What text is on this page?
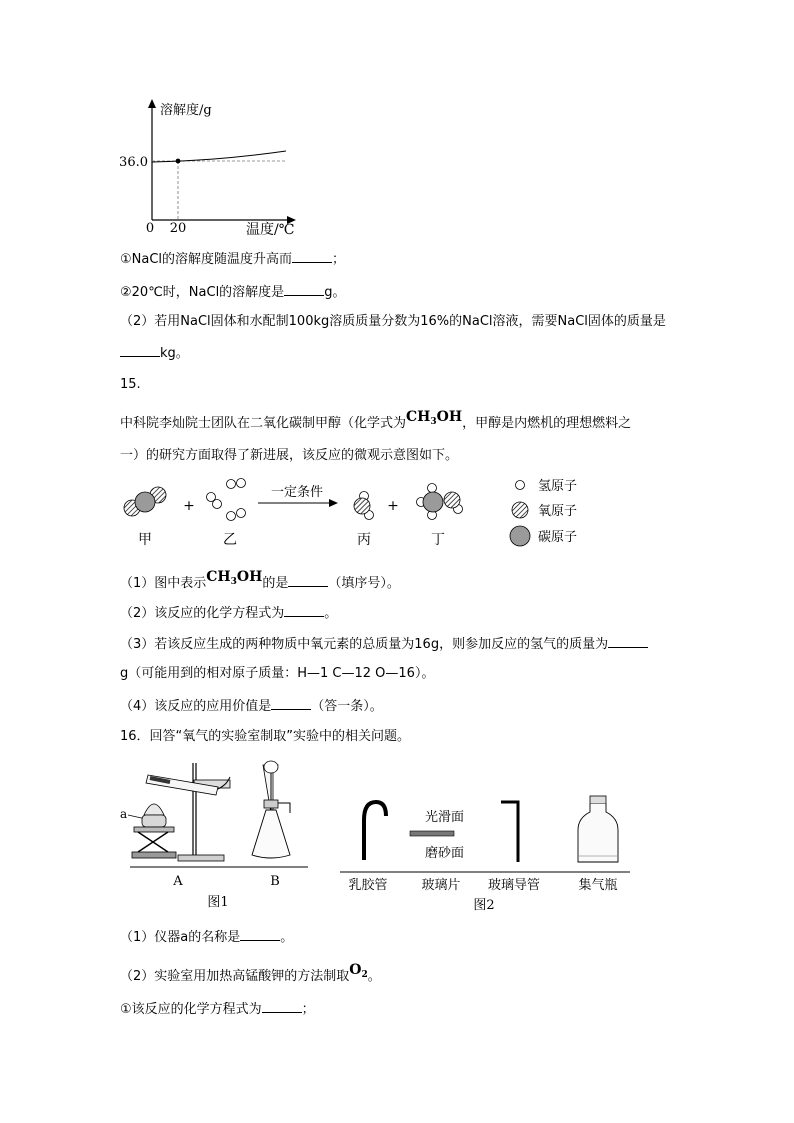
溶解度/g
36.0
0 20	温度/℃
①NaCl的溶解度随温度升高而	；
②20℃时，NaCl的溶解度是	g。
（2）若用NaCl固体和水配制100kg溶质质量分数为16%的NaCl溶液，需要NaCl固体的质量是
kg。
15.
中科院李灿院士团队在二氧化碳制甲醇（化学式为$CH_3OH$，甲醇是内燃机的理想燃料之
一）的研究方面取得了新进展，该反应的微观示意图如下。
+
一定条件
+
甲	乙	丙	丁
氢原子
氧原子
碳原子
（1）图中表示$CH_3OH$的是	（填序号）。
（2）该反应的化学方程式为	。
（3）若该反应生成的两种物质中氧元素的总质量为16g，则参加反应的氢气的质量为
g（可能用到的相对原子质量：H—1 C—12 O—16）。
（4）该反应的应用价值是	（答一条）。
16．回答“氧气的实验室制取”实验中的相关问题。
a
A	B
图1
光滑面
磨砂面
乳胶管	玻璃片 玻璃导管	集气瓶
图2
（1）仪器a的名称是	。
（2）实验室用加热高锰酸钾的方法制取$O_2$。
①该反应的化学方程式为	；
